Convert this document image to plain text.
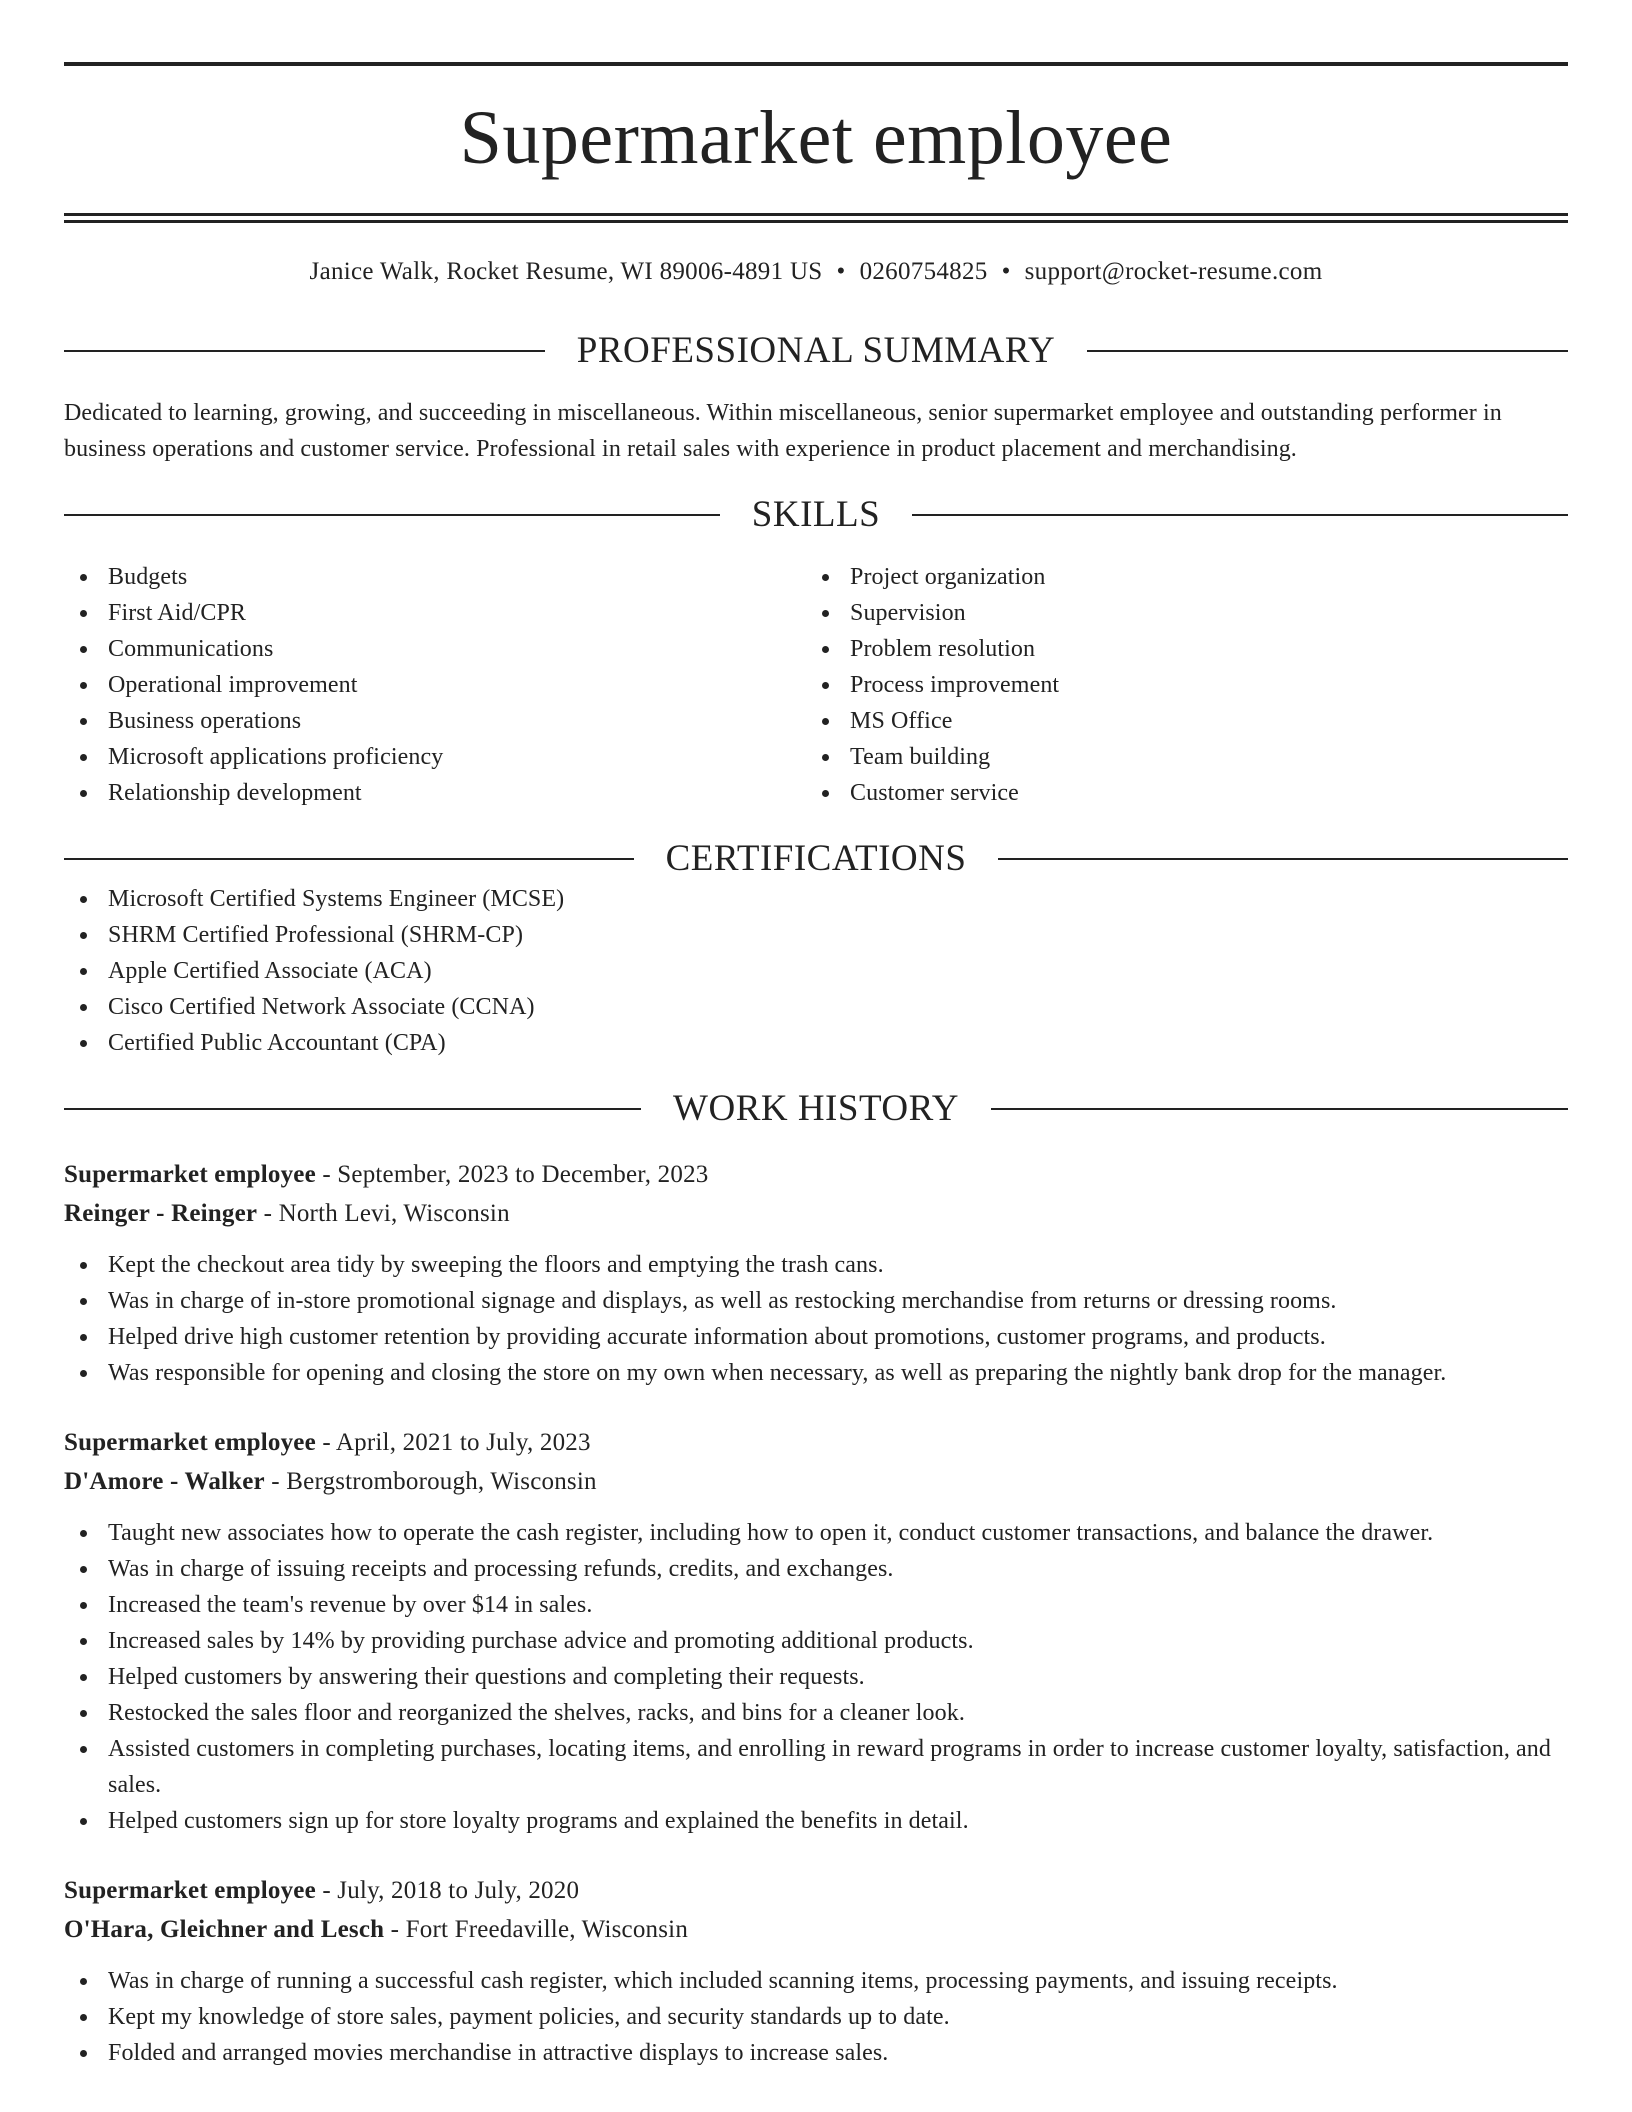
Supermarket employee
Janice Walk, Rocket Resume, WI 89006-4891 US • 0260754825 • support@rocket-resume.com
PROFESSIONAL SUMMARY

Dedicated to learning, growing, and succeeding in miscellaneous. Within miscellaneous, senior supermarket employee and outstanding performer in business operations and customer service. Professional in retail sales with experience in product placement and merchandising.

SKILLS
Budgets
First Aid/CPR
Communications
Operational improvement
Business operations
Microsoft applications proficiency
Relationship development
Project organization
Supervision
Problem resolution
Process improvement
MS Office
Team building
Customer service
CERTIFICATIONS
Microsoft Certified Systems Engineer (MCSE)
SHRM Certified Professional (SHRM-CP)
Apple Certified Associate (ACA)
Cisco Certified Network Associate (CCNA)
Certified Public Accountant (CPA)
WORK HISTORY
Supermarket employee - September, 2023 to December, 2023
Reinger - Reinger - North Levi, Wisconsin
Kept the checkout area tidy by sweeping the floors and emptying the trash cans.
Was in charge of in-store promotional signage and displays, as well as restocking merchandise from returns or dressing rooms.
Helped drive high customer retention by providing accurate information about promotions, customer programs, and products.
Was responsible for opening and closing the store on my own when necessary, as well as preparing the nightly bank drop for the manager.
Supermarket employee - April, 2021 to July, 2023
D'Amore - Walker - Bergstromborough, Wisconsin
Taught new associates how to operate the cash register, including how to open it, conduct customer transactions, and balance the drawer.
Was in charge of issuing receipts and processing refunds, credits, and exchanges.
Increased the team's revenue by over $14 in sales.
Increased sales by 14% by providing purchase advice and promoting additional products.
Helped customers by answering their questions and completing their requests.
Restocked the sales floor and reorganized the shelves, racks, and bins for a cleaner look.
Assisted customers in completing purchases, locating items, and enrolling in reward programs in order to increase customer loyalty, satisfaction, and sales.
Helped customers sign up for store loyalty programs and explained the benefits in detail.
Supermarket employee - July, 2018 to July, 2020
O'Hara, Gleichner and Lesch - Fort Freedaville, Wisconsin
Was in charge of running a successful cash register, which included scanning items, processing payments, and issuing receipts.
Kept my knowledge of store sales, payment policies, and security standards up to date.
Folded and arranged movies merchandise in attractive displays to increase sales.
